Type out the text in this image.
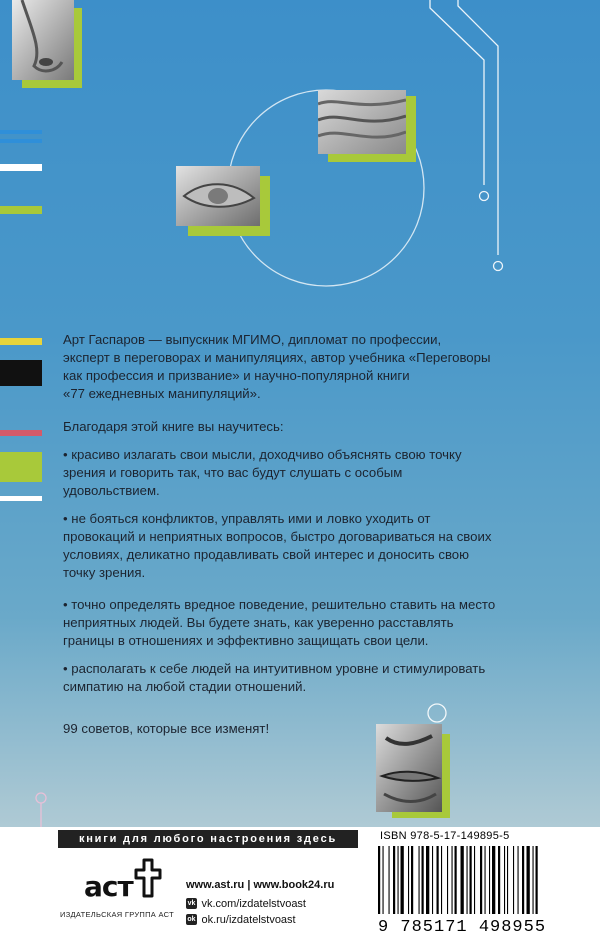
Арт Гаспаров — выпускник МГИМО, дипломат по профессии,
эксперт в переговорах и манипуляциях, автор учебника «Переговоры
как профессия и призвание» и научно-популярной книги
«77 ежедневных манипуляций».

Благодаря этой книге вы научитесь:

• красиво излагать свои мысли, доходчиво объяснять свою точку
зрения и говорить так, что вас будут слушать с особым
удовольствием.

• не бояться конфликтов, управлять ими и ловко уходить от
провокаций и неприятных вопросов, быстро договариваться на своих
условиях, деликатно продавливать свой интерес и доносить свою
точку зрения.

• точно определять вредное поведение, решительно ставить на место
неприятных людей. Вы будете знать, как уверенно расставлять
границы в отношениях и эффективно защищать свои цели.

• располагать к себе людей на интуитивном уровне и стимулировать
симпатию на любой стадии отношений.

99 советов, которые все изменят!

книги для любого настроения здесь
аст
ИЗДАТЕЛЬСКАЯ ГРУППА АСТ
www.ast.ru | www.book24.ru
vk vk.com/izdatelstvoast
ok ok.ru/izdatelstvoast
ISBN 978-5-17-149895-5
9 785171 498955
